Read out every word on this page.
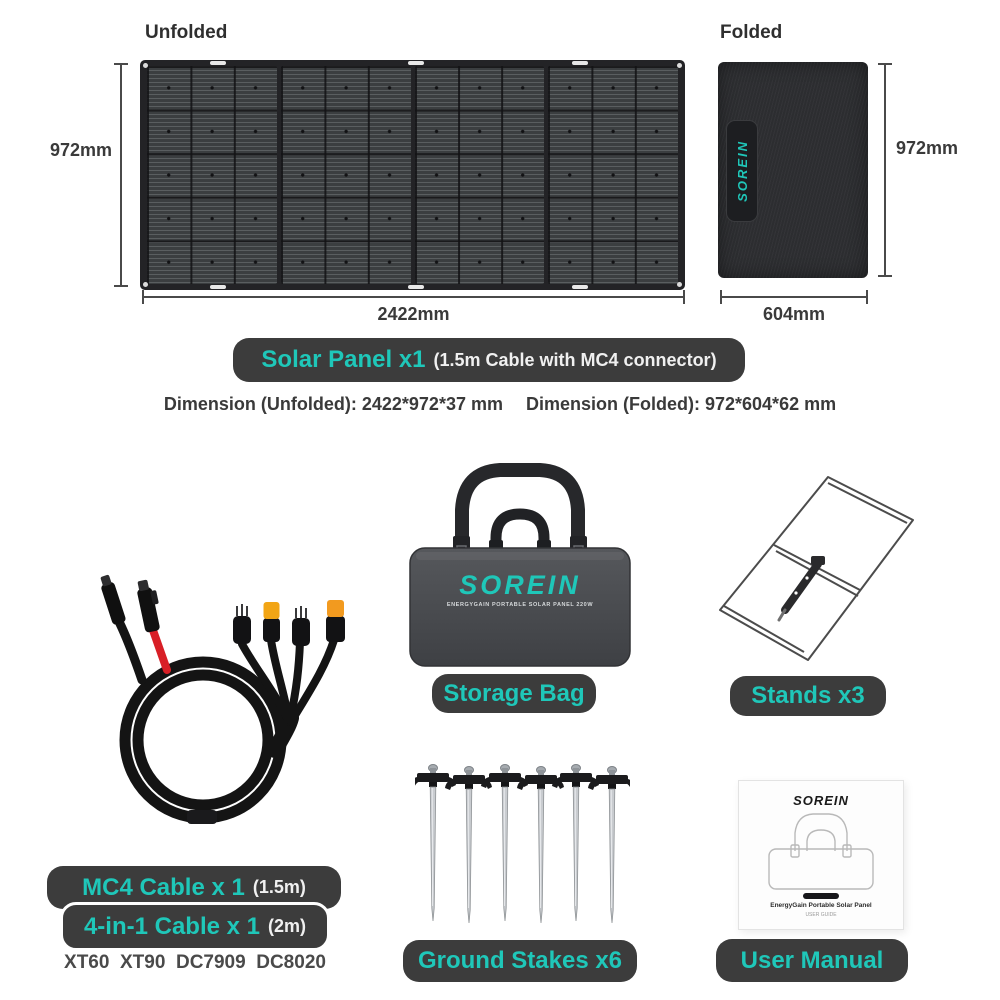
Unfolded	Folded
SOREIN
972mm	972mm
2422mm	604mm
Solar Panel x1 (1.5m Cable with MC4 connector)
Dimension (Unfolded): 2422*972*37 mm Dimension (Folded): 972*604*62 mm
SOREIN
ENERGYGAIN PORTABLE SOLAR PANEL 220W
Storage Bag	Stands x3
MC4 Cable x 1 (1.5m)
4-in-1 Cable x 1 (2m)
XT60  XT90  DC7909  DC8020	Ground Stakes x6
SOREIN
EnergyGain Portable Solar Panel
USER GUIDE
User Manual
